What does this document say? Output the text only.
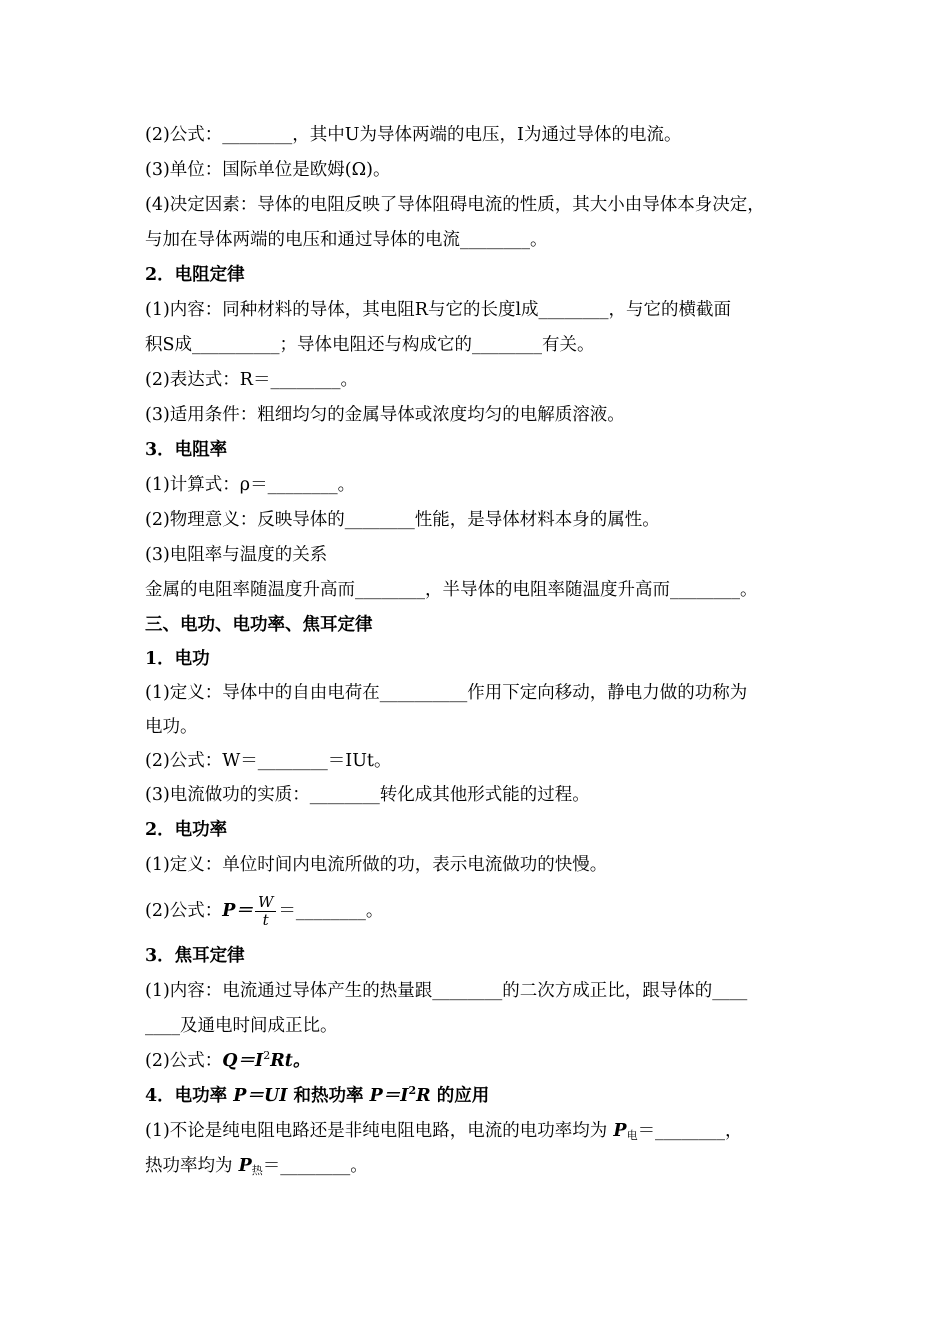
(2)公式：________，其中U为导体两端的电压，I为通过导体的电流。
(3)单位：国际单位是欧姆(Ω)。
(4)决定因素：导体的电阻反映了导体阻碍电流的性质，其大小由导体本身决定，
与加在导体两端的电压和通过导体的电流________。
2．电阻定律
(1)内容：同种材料的导体，其电阻R与它的长度l成________，与它的横截面
积S成__________；导体电阻还与构成它的________有关。
(2)表达式：R＝________。
(3)适用条件：粗细均匀的金属导体或浓度均匀的电解质溶液。
3．电阻率
(1)计算式：ρ＝________。
(2)物理意义：反映导体的________性能，是导体材料本身的属性。
(3)电阻率与温度的关系
金属的电阻率随温度升高而________，半导体的电阻率随温度升高而________。
三、电功、电功率、焦耳定律
1．电功
(1)定义：导体中的自由电荷在__________作用下定向移动，静电力做的功称为
电功。
(2)公式：W＝________＝IUt。
(3)电流做功的实质：________转化成其他形式能的过程。
2．电功率
(1)定义：单位时间内电流所做的功，表示电流做功的快慢。
(2)公式：$P= \frac{W}{t}$ ＝________。
3．焦耳定律
(1)内容：电流通过导体产生的热量跟________的二次方成正比，跟导体的____
____及通电时间成正比。
(2)公式：$Q=I^2Rt$。
4．电功率 P＝UI 和热功率 $P=I^2R$ 的应用
(1)不论是纯电阻电路还是非纯电阻电路，电流的电功率均为 P电＝________，
热功率均为 P热＝________。
